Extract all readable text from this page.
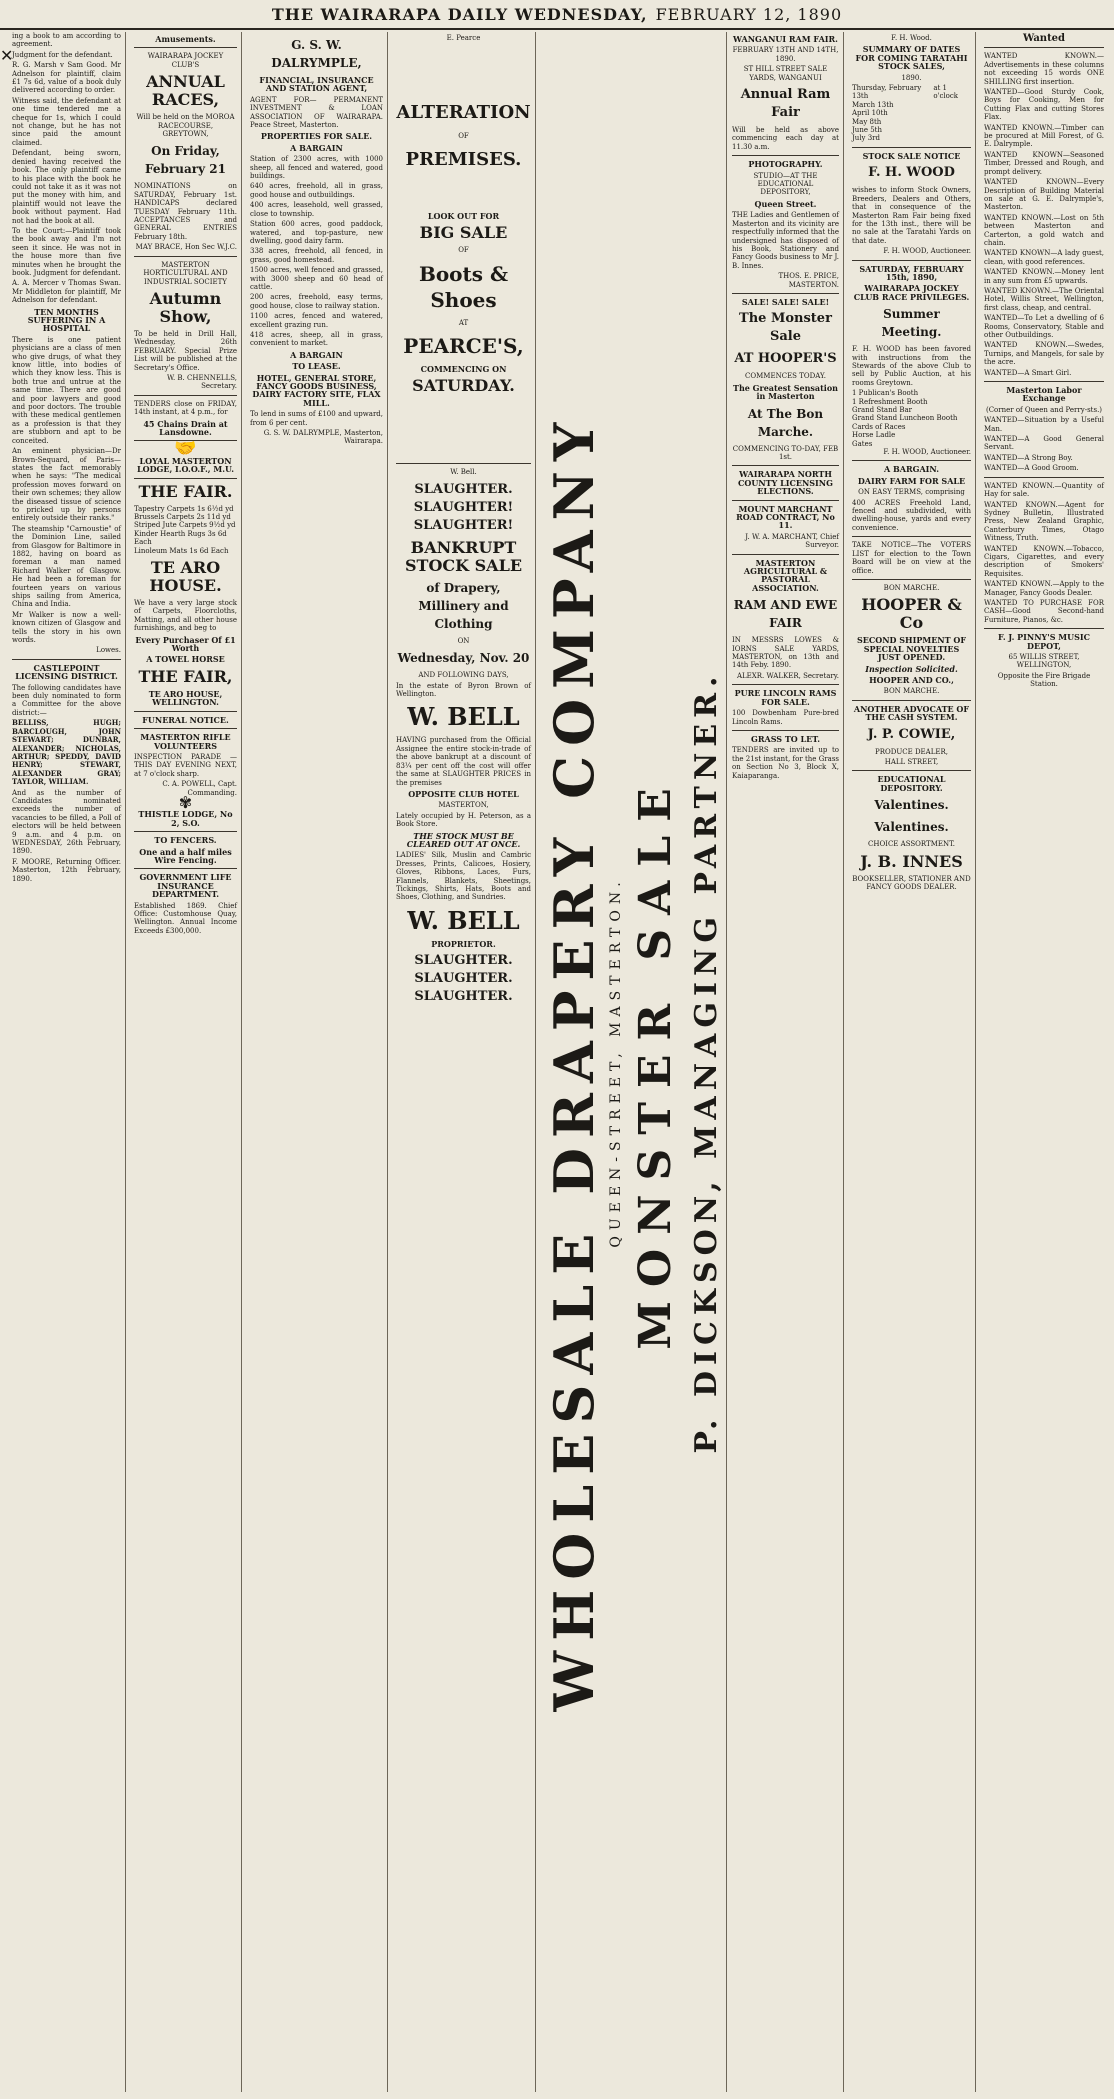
✕
THE WAIRARAPA DAILY WEDNESDAY, FEBRUARY 12, 1890

ing a book to am according to agreement.

Judgment for the defendant.

R. G. Marsh v Sam Good. Mr Adnelson for plaintiff, claim £1 7s 6d, value of a book duly delivered according to order.

Witness said, the defendant at one time tendered me a cheque for 1s, which I could not change, but he has not since paid the amount claimed.

Defendant, being sworn, denied having received the book. The only plaintiff came to his place with the book he could not take it as it was not put the money with him, and plaintiff would not leave the book without payment. Had not had the book at all.

To the Court:—Plaintiff took the book away and I'm not seen it since. He was not in the house more than five minutes when he brought the book. Judgment for defendant.

A. A. Mercer v Thomas Swan. Mr Middleton for plaintiff, Mr Adnelson for defendant.

TEN MONTHS SUFFERING IN A HOSPITAL

There is one patient physicians are a class of men who give drugs, of what they know little, into bodies of which they know less. This is both true and untrue at the same time. There are good and poor lawyers and good and poor doctors. The trouble with these medical gentlemen as a profession is that they are stubborn and apt to be conceited.

An eminent physician—Dr Brown-Sequard, of Paris—states the fact memorably when he says: "The medical profession moves forward on their own schemes; they allow the diseased tissue of science to pricked up by persons entirely outside their ranks."

The steamship "Carnoustie" of the Dominion Line, sailed from Glasgow for Baltimore in 1882, having on board as foreman a man named Richard Walker of Glasgow. He had been a foreman for fourteen years on various ships sailing from America, China and India.

Mr Walker is now a well-known citizen of Glasgow and tells the story in his own words.

Lowes.

CASTLEPOINT LICENSING DISTRICT.

The following candidates have been duly nominated to form a Committee for the above district:—

BELLISS, HUGH; BARCLOUGH, JOHN STEWART; DUNBAR, ALEXANDER; NICHOLAS, ARTHUR; SPEDDY, DAVID HENRY; STEWART, ALEXANDER GRAY; TAYLOR, WILLIAM.

And as the number of Candidates nominated exceeds the number of vacancies to be filled, a Poll of electors will be held between 9 a.m. and 4 p.m. on WEDNESDAY, 26th February, 1890.

F. MOORE, Returning Officer. Masterton, 12th February, 1890.

Amusements.
WAIRARAPA JOCKEY CLUB'S
ANNUAL RACES,
Will be held on the MOROA RACECOURSE, GREYTOWN,
On Friday, February 21

NOMINATIONS on SATURDAY, February 1st. HANDICAPS declared TUESDAY February 11th. ACCEPTANCES and GENERAL ENTRIES February 18th.

MAY BRACE, Hon Sec W.J.C.

MASTERTON HORTICULTURAL AND INDUSTRIAL SOCIETY
Autumn Show,

To be held in Drill Hall, Wednesday, 26th FEBRUARY. Special Prize List will be published at the Secretary's Office.

W. B. CHENNELLS, Secretary.

TENDERS close on FRIDAY, 14th instant, at 4 p.m., for

45 Chains Drain at Lansdowne.
🤝
LOYAL MASTERTON LODGE, I.O.O.F., M.U.
THE FAIR.
Tapestry Carpets 1s 6½d yd
Brussels Carpets 2s 11d yd
Striped Jute Carpets 9½d yd
Kinder Hearth Rugs 3s 6d Each
Linoleum Mats 1s 6d Each
TE ARO HOUSE.

We have a very large stock of Carpets, Floorcloths, Matting, and all other house furnishings, and beg to

Every Purchaser Of £1 Worth
A TOWEL HORSE
THE FAIR,
TE ARO HOUSE, WELLINGTON.
FUNERAL NOTICE.
MASTERTON RIFLE VOLUNTEERS

INSPECTION PARADE — THIS DAY EVENING NEXT, at 7 o'clock sharp.

C. A. POWELL, Capt. Commanding.

✾
THISTLE LODGE, No 2, S.O.
TO FENCERS.
One and a half miles Wire Fencing.
GOVERNMENT LIFE INSURANCE DEPARTMENT.

Established 1869. Chief Office: Customhouse Quay, Wellington. Annual Income Exceeds £300,000.

G. S. W. DALRYMPLE,
FINANCIAL, INSURANCE AND STATION AGENT,

AGENT FOR— PERMANENT INVESTMENT & LOAN ASSOCIATION OF WAIRARAPA. Peace Street, Masterton.

PROPERTIES FOR SALE.
A BARGAIN

Station of 2300 acres, with 1000 sheep, all fenced and watered, good buildings.

640 acres, freehold, all in grass, good house and outbuildings.

400 acres, leasehold, well grassed, close to township.

Station 600 acres, good paddock, watered, and top-pasture, new dwelling, good dairy farm.

338 acres, freehold, all fenced, in grass, good homestead.

1500 acres, well fenced and grassed, with 3000 sheep and 60 head of cattle.

200 acres, freehold, easy terms, good house, close to railway station.

1100 acres, fenced and watered, excellent grazing run.

418 acres, sheep, all in grass, convenient to market.

A BARGAIN
TO LEASE.
HOTEL, GENERAL STORE, FANCY GOODS BUSINESS, DAIRY FACTORY SITE, FLAX MILL.

To lend in sums of £100 and upward, from 6 per cent.

G. S. W. DALRYMPLE, Masterton, Wairarapa.

E. Pearce
ALTERATION
OF
PREMISES.
LOOK OUT FOR
BIG SALE
OF
Boots & Shoes
AT
PEARCE'S,
COMMENCING ON
SATURDAY.
W. Bell.
SLAUGHTER. SLAUGHTER! SLAUGHTER!
BANKRUPT STOCK SALE
of Drapery, Millinery and Clothing
ON
Wednesday, Nov. 20
AND FOLLOWING DAYS,

In the estate of Byron Brown of Wellington.

W. BELL

HAVING purchased from the Official Assignee the entire stock-in-trade of the above bankrupt at a discount of 83¼ per cent off the cost will offer the same at SLAUGHTER PRICES in the premises

OPPOSITE CLUB HOTEL
MASTERTON,

Lately occupied by H. Peterson, as a Book Store.

THE STOCK MUST BE CLEARED OUT AT ONCE.

LADIES' Silk, Muslin and Cambric Dresses, Prints, Calicoes, Hosiery, Gloves, Ribbons, Laces, Furs, Flannels, Blankets, Sheetings, Tickings, Shirts, Hats, Boots and Shoes, Clothing, and Sundries.

W. BELL
PROPRIETOR.
SLAUGHTER. SLAUGHTER. SLAUGHTER. WHOLESALE DRAPERY COMPANY QUEEN-STREET, MASTERTON. MONSTER SALE P. DICKSON, MANAGING PARTNER.
WANGANUI RAM FAIR.
FEBRUARY 13TH AND 14TH, 1890.
ST HILL STREET SALE YARDS, WANGANUI
Annual Ram Fair

Will be held as above commencing each day at 11.30 a.m.

PHOTOGRAPHY.
STUDIO—AT THE EDUCATIONAL DEPOSITORY,
Queen Street.

THE Ladies and Gentlemen of Masterton and its vicinity are respectfully informed that the undersigned has disposed of his Book, Stationery and Fancy Goods business to Mr J. B. Innes.

THOS. E. PRICE, MASTERTON.

SALE! SALE! SALE!
The Monster Sale
AT HOOPER'S
COMMENCES TODAY.
The Greatest Sensation in Masterton
At The Bon Marche.
COMMENCING TO-DAY, FEB 1st.
WAIRARAPA NORTH COUNTY LICENSING ELECTIONS.
MOUNT MARCHANT ROAD CONTRACT, No 11.

J. W. A. MARCHANT, Chief Surveyor.

MASTERTON AGRICULTURAL & PASTORAL ASSOCIATION.
RAM AND EWE FAIR

IN MESSRS LOWES & IORNS SALE YARDS, MASTERTON, on 13th and 14th Feby. 1890.

ALEXR. WALKER, Secretary.

PURE LINCOLN RAMS FOR SALE.

100 Dowbenham Pure-bred Lincoln Rams.

GRASS TO LET.

TENDERS are invited up to the 21st instant, for the Grass on Section No 3, Block X, Kaiaparanga.

F. H. Wood.
SUMMARY OF DATES FOR COMING TARATAHI STOCK SALES,
1890.
Thursday, February 13th
at 1 o'clock
March 13th
April 10th
May 8th
June 5th
July 3rd
STOCK SALE NOTICE
F. H. WOOD

wishes to inform Stock Owners, Breeders, Dealers and Others, that in consequence of the Masterton Ram Fair being fixed for the 13th inst., there will be no sale at the Taratahi Yards on that date.

F. H. WOOD, Auctioneer.

SATURDAY, FEBRUARY 15th, 1890,
WAIRARAPA JOCKEY CLUB RACE PRIVILEGES.
Summer Meeting.

F. H. WOOD has been favored with instructions from the Stewards of the above Club to sell by Public Auction, at his rooms Greytown.

1 Publican's Booth
1 Refreshment Booth
Grand Stand Bar
Grand Stand Luncheon Booth
Cards of Races
Horse Ladle
Gates

F. H. WOOD, Auctioneer.

A BARGAIN.
DAIRY FARM FOR SALE
ON EASY TERMS, comprising

400 ACRES Freehold Land, fenced and subdivided, with dwelling-house, yards and every convenience.

TAKE NOTICE—The VOTERS LIST for election to the Town Board will be on view at the office.

BON MARCHE.
HOOPER & Co
SECOND SHIPMENT OF SPECIAL NOVELTIES JUST OPENED.
Inspection Solicited.
HOOPER AND CO.,
BON MARCHE.
ANOTHER ADVOCATE OF THE CASH SYSTEM.
J. P. COWIE,
PRODUCE DEALER,
HALL STREET,
EDUCATIONAL DEPOSITORY.
Valentines.
Valentines.
CHOICE ASSORTMENT.
J. B. INNES
BOOKSELLER, STATIONER AND FANCY GOODS DEALER.
Wanted

WANTED KNOWN.—Advertisements in these columns not exceeding 15 words ONE SHILLING first insertion.

WANTED—Good Sturdy Cook, Boys for Cooking, Men for Cutting Flax and cutting Stores Flax.

WANTED KNOWN.—Timber can be procured at Mill Forest, of G. E. Dalrymple.

WANTED KNOWN—Seasoned Timber, Dressed and Rough, and prompt delivery.

WANTED KNOWN—Every Description of Building Material on sale at G. E. Dalrymple's, Masterton.

WANTED KNOWN.—Lost on 5th between Masterton and Carterton, a gold watch and chain.

WANTED KNOWN—A lady guest, clean, with good references.

WANTED KNOWN.—Money lent in any sum from £5 upwards.

WANTED KNOWN.—The Oriental Hotel, Willis Street, Wellington, first class, cheap, and central.

WANTED—To Let a dwelling of 6 Rooms, Conservatory, Stable and other Outbuildings.

WANTED KNOWN.—Swedes, Turnips, and Mangels, for sale by the acre.

WANTED—A Smart Girl.

Masterton Labor Exchange
(Corner of Queen and Perry-sts.)

WANTED—Situation by a Useful Man.

WANTED—A Good General Servant.

WANTED—A Strong Boy.

WANTED—A Good Groom.

WANTED KNOWN.—Quantity of Hay for sale.

WANTED KNOWN.—Agent for Sydney Bulletin, Illustrated Press, New Zealand Graphic, Canterbury Times, Otago Witness, Truth.

WANTED KNOWN.—Tobacco, Cigars, Cigarettes, and every description of Smokers' Requisites.

WANTED KNOWN.—Apply to the Manager, Fancy Goods Dealer.

WANTED TO PURCHASE FOR CASH—Good Second-hand Furniture, Pianos, &c.

F. J. PINNY'S MUSIC DEPOT,
65 WILLIS STREET, WELLINGTON,
Opposite the Fire Brigade Station.
